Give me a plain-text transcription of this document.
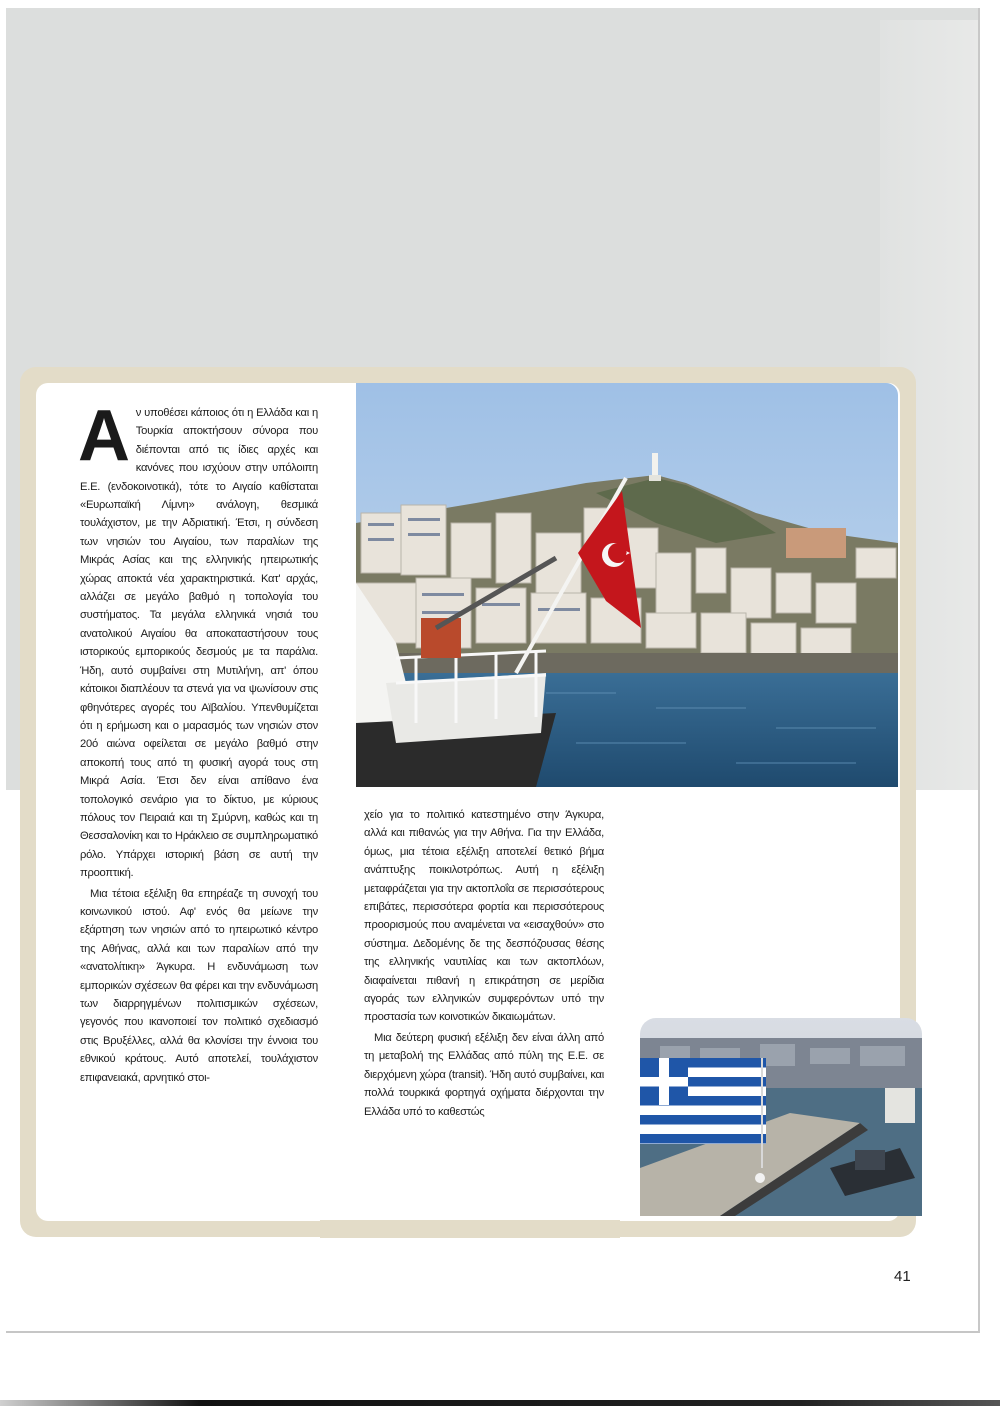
Αν υποθέσει κάποιος ότι η Ελλάδα και η Τουρκία αποκτήσουν σύνορα που διέπονται από τις ίδιες αρχές και κανόνες που ισχύουν στην υπόλοιπη Ε.Ε. (ενδοκοινοτικά), τότε το Αιγαίο καθίσταται «Ευρωπαϊκή Λίμνη» ανάλογη, θεσμικά τουλάχιστον, με την Αδριατική. Έτσι, η σύνδεση των νησιών του Αιγαίου, των παραλίων της Μικράς Ασίας και της ελληνικής ηπειρωτικής χώρας αποκτά νέα χαρακτηριστικά. Κατ' αρχάς, αλλάζει σε μεγάλο βαθμό η τοπολογία του συστήματος. Τα μεγάλα ελληνικά νησιά του ανατολικού Αιγαίου θα αποκαταστήσουν τους ιστορικούς εμπορικούς δεσμούς με τα παράλια. Ήδη, αυτό συμβαίνει στη Μυτιλήνη, απ' όπου κάτοικοι διαπλέουν τα στενά για να ψωνίσουν στις φθηνότερες αγορές του Αϊβαλίου. Υπενθυμίζεται ότι η ερήμωση και ο μαρασμός των νησιών στον 20ό αιώνα οφείλεται σε μεγάλο βαθμό στην αποκοπή τους από τη φυσική αγορά τους στη Μικρά Ασία. Έτσι δεν είναι απίθανο ένα τοπολογικό σενάριο για το δίκτυο, με κύριους πόλους τον Πειραιά και τη Σμύρνη, καθώς και τη Θεσσαλονίκη και το Ηράκλειο σε συμπληρωματικό ρόλο. Υπάρχει ιστορική βάση σε αυτή την προοπτική.

Μια τέτοια εξέλιξη θα επηρέαζε τη συνοχή του κοινωνικού ιστού. Αφ' ενός θα μείωνε την εξάρτηση των νησιών από το ηπειρωτικό κέντρο της Αθήνας, αλλά και των παραλίων από την «ανατολίτικη» Άγκυρα. Η ενδυνάμωση των εμπορικών σχέσεων θα φέρει και την ενδυνάμωση των διαρρηγμένων πολιτισμικών σχέσεων, γεγονός που ικανοποιεί τον πολιτικό σχεδιασμό στις Βρυξέλλες, αλλά θα κλονίσει την έννοια του εθνικού κράτους. Αυτό αποτελεί, τουλάχιστον επιφανειακά, αρνητικό στοι-

χείο για το πολιτικό κατεστημένο στην Άγκυρα, αλλά και πιθανώς για την Αθήνα. Για την Ελλάδα, όμως, μια τέτοια εξέλιξη αποτελεί θετικό βήμα ανάπτυξης ποικιλοτρόπως. Αυτή η εξέλιξη μεταφράζεται για την ακτοπλοΐα σε περισσότερους επιβάτες, περισσότερα φορτία και περισσότερους προορισμούς που αναμένεται να «εισαχθούν» στο σύστημα. Δεδομένης δε της δεσπόζουσας θέσης της ελληνικής ναυτιλίας και των ακτοπλόων, διαφαίνεται πιθανή η επικράτηση σε μερίδια αγοράς των ελληνικών συμφερόντων υπό την προστασία των κοινοτικών δικαιωμάτων.

Μια δεύτερη φυσική εξέλιξη δεν είναι άλλη από τη μεταβολή της Ελλάδας από πύλη της Ε.Ε. σε διερχόμενη χώρα (transit). Ήδη αυτό συμβαίνει, και πολλά τουρκικά φορτηγά οχήματα διέρχονται την Ελλάδα υπό το καθεστώς

41
